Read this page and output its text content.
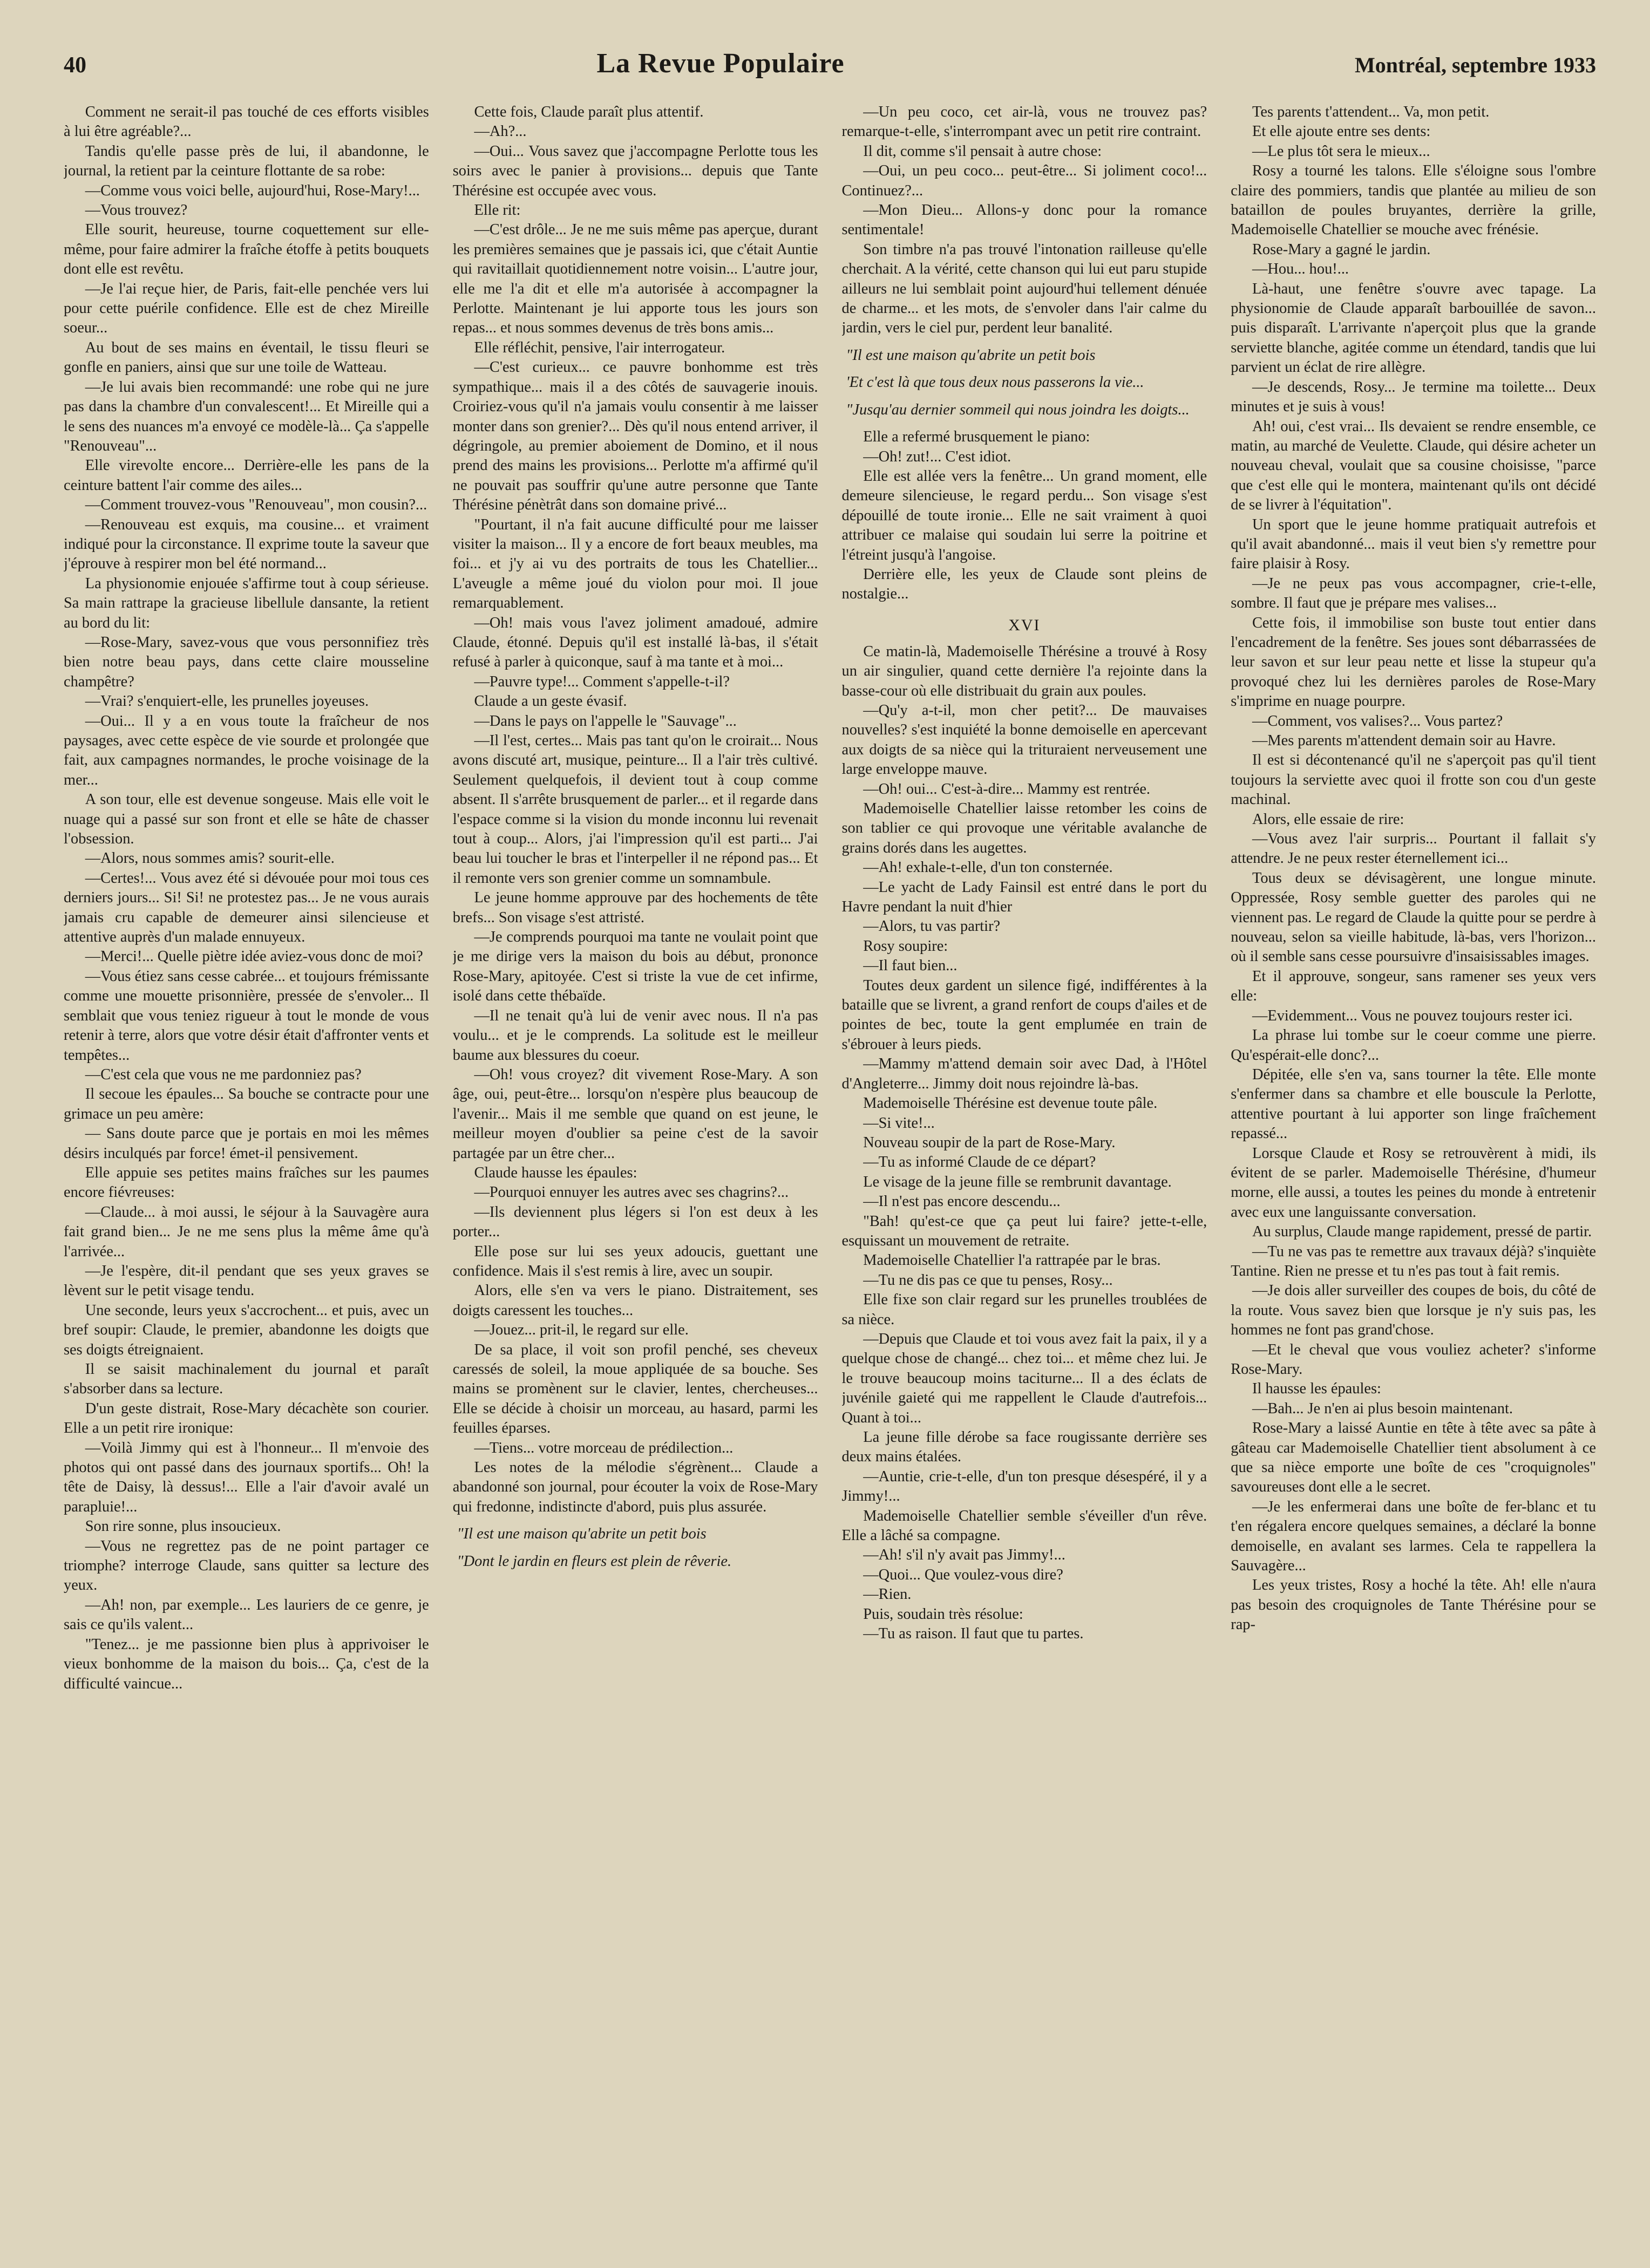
40	La Revue Populaire	Montréal, septembre 1933

Comment ne serait-il pas touché de ces efforts visibles à lui être agréable?...

Tandis qu'elle passe près de lui, il abandonne, le journal, la retient par la ceinture flottante de sa robe:

—Comme vous voici belle, aujourd'hui, Rose-Mary!...

—Vous trouvez?

Elle sourit, heureuse, tourne coquettement sur elle-même, pour faire admirer la fraîche étoffe à petits bouquets dont elle est revêtu.

—Je l'ai reçue hier, de Paris, fait-elle penchée vers lui pour cette puérile confidence. Elle est de chez Mireille soeur...

Au bout de ses mains en éventail, le tissu fleuri se gonfle en paniers, ainsi que sur une toile de Watteau.

—Je lui avais bien recommandé: une robe qui ne jure pas dans la chambre d'un convalescent!... Et Mireille qui a le sens des nuances m'a envoyé ce modèle-là... Ça s'appelle "Renouveau"...

Elle virevolte encore... Derrière-elle les pans de la ceinture battent l'air comme des ailes...

—Comment trouvez-vous "Renouveau", mon cousin?...

—Renouveau est exquis, ma cousine... et vraiment indiqué pour la circonstance. Il exprime toute la saveur que j'éprouve à respirer mon bel été normand...

La physionomie enjouée s'affirme tout à coup sérieuse. Sa main rattrape la gracieuse libellule dansante, la retient au bord du lit:

—Rose-Mary, savez-vous que vous personnifiez très bien notre beau pays, dans cette claire mousseline champêtre?

—Vrai? s'enquiert-elle, les prunelles joyeuses.

—Oui... Il y a en vous toute la fraîcheur de nos paysages, avec cette espèce de vie sourde et prolongée que fait, aux campagnes normandes, le proche voisinage de la mer...

A son tour, elle est devenue songeuse. Mais elle voit le nuage qui a passé sur son front et elle se hâte de chasser l'obsession.

—Alors, nous sommes amis? sourit-elle.

—Certes!... Vous avez été si dévouée pour moi tous ces derniers jours... Si! Si! ne protestez pas... Je ne vous aurais jamais cru capable de demeurer ainsi silencieuse et attentive auprès d'un malade ennuyeux.

—Merci!... Quelle piètre idée aviez-vous donc de moi?

—Vous étiez sans cesse cabrée... et toujours frémissante comme une mouette prisonnière, pressée de s'envoler... Il semblait que vous teniez rigueur à tout le monde de vous retenir à terre, alors que votre désir était d'affronter vents et tempêtes...

—C'est cela que vous ne me pardonniez pas?

Il secoue les épaules... Sa bouche se contracte pour une grimace un peu amère:

— Sans doute parce que je portais en moi les mêmes désirs inculqués par force! émet-il pensivement.

Elle appuie ses petites mains fraîches sur les paumes encore fiévreuses:

—Claude... à moi aussi, le séjour à la Sauvagère aura fait grand bien... Je ne me sens plus la même âme qu'à l'arrivée...

—Je l'espère, dit-il pendant que ses yeux graves se lèvent sur le petit visage tendu.

Une seconde, leurs yeux s'accrochent... et puis, avec un bref soupir: Claude, le premier, abandonne les doigts que ses doigts étreignaient.

Il se saisit machinalement du journal et paraît s'absorber dans sa lecture.

D'un geste distrait, Rose-Mary décachète son courier. Elle a un petit rire ironique:

—Voilà Jimmy qui est à l'honneur... Il m'envoie des photos qui ont passé dans des journaux sportifs... Oh! la tête de Daisy, là dessus!... Elle a l'air d'avoir avalé un parapluie!...

Son rire sonne, plus insoucieux.

—Vous ne regrettez pas de ne point partager ce triomphe? interroge Claude, sans quitter sa lecture des yeux.

—Ah! non, par exemple... Les lauriers de ce genre, je sais ce qu'ils valent...

"Tenez... je me passionne bien plus à apprivoiser le vieux bonhomme de la maison du bois... Ça, c'est de la difficulté vaincue...

Cette fois, Claude paraît plus attentif.

—Ah?...

—Oui... Vous savez que j'accompagne Perlotte tous les soirs avec le panier à provisions... depuis que Tante Thérésine est occupée avec vous.

Elle rit:

—C'est drôle... Je ne me suis même pas aperçue, durant les premières semaines que je passais ici, que c'était Auntie qui ravitaillait quotidiennement notre voisin... L'autre jour, elle me l'a dit et elle m'a autorisée à accompagner la Perlotte. Maintenant je lui apporte tous les jours son repas... et nous sommes devenus de très bons amis...

Elle réfléchit, pensive, l'air interrogateur.

—C'est curieux... ce pauvre bonhomme est très sympathique... mais il a des côtés de sauvagerie inouis. Croiriez-vous qu'il n'a jamais voulu consentir à me laisser monter dans son grenier?... Dès qu'il nous entend arriver, il dégringole, au premier aboiement de Domino, et il nous prend des mains les provisions... Perlotte m'a affirmé qu'il ne pouvait pas souffrir qu'une autre personne que Tante Thérésine pénètrât dans son domaine privé...

"Pourtant, il n'a fait aucune difficulté pour me laisser visiter la maison... Il y a encore de fort beaux meubles, ma foi... et j'y ai vu des portraits de tous les Chatellier... L'aveugle a même joué du violon pour moi. Il joue remarquablement.

—Oh! mais vous l'avez joliment amadoué, admire Claude, étonné. Depuis qu'il est installé là-bas, il s'était refusé à parler à quiconque, sauf à ma tante et à moi...

—Pauvre type!... Comment s'appelle-t-il?

Claude a un geste évasif.

—Dans le pays on l'appelle le "Sauvage"...

—Il l'est, certes... Mais pas tant qu'on le croirait... Nous avons discuté art, musique, peinture... Il a l'air très cultivé. Seulement quelquefois, il devient tout à coup comme absent. Il s'arrête brusquement de parler... et il regarde dans l'espace comme si la vision du monde inconnu lui revenait tout à coup... Alors, j'ai l'impression qu'il est parti... J'ai beau lui toucher le bras et l'interpeller il ne répond pas... Et il remonte vers son grenier comme un somnambule.

Le jeune homme approuve par des hochements de tête brefs... Son visage s'est attristé.

—Je comprends pourquoi ma tante ne voulait point que je me dirige vers la maison du bois au début, prononce Rose-Mary, apitoyée. C'est si triste la vue de cet infirme, isolé dans cette thébaïde.

—Il ne tenait qu'à lui de venir avec nous. Il n'a pas voulu... et je le comprends. La solitude est le meilleur baume aux blessures du coeur.

—Oh! vous croyez? dit vivement Rose-Mary. A son âge, oui, peut-être... lorsqu'on n'espère plus beaucoup de l'avenir... Mais il me semble que quand on est jeune, le meilleur moyen d'oublier sa peine c'est de la savoir partagée par un être cher...

Claude hausse les épaules:

—Pourquoi ennuyer les autres avec ses chagrins?...

—Ils deviennent plus légers si l'on est deux à les porter...

Elle pose sur lui ses yeux adoucis, guettant une confidence. Mais il s'est remis à lire, avec un soupir.

Alors, elle s'en va vers le piano. Distraitement, ses doigts caressent les touches...

—Jouez... prit-il, le regard sur elle.

De sa place, il voit son profil penché, ses cheveux caressés de soleil, la moue appliquée de sa bouche. Ses mains se promènent sur le clavier, lentes, chercheuses... Elle se décide à choisir un morceau, au hasard, parmi les feuilles éparses.

—Tiens... votre morceau de prédilection...

Les notes de la mélodie s'égrènent... Claude a abandonné son journal, pour écouter la voix de Rose-Mary qui fredonne, indistincte d'abord, puis plus assurée.

"Il est une maison qu'abrite un petit bois

"Dont le jardin en fleurs est plein de rêverie.

—Un peu coco, cet air-là, vous ne trouvez pas? remarque-t-elle, s'interrompant avec un petit rire contraint.

Il dit, comme s'il pensait à autre chose:

—Oui, un peu coco... peut-être... Si joliment coco!... Continuez?...

—Mon Dieu... Allons-y donc pour la romance sentimentale!

Son timbre n'a pas trouvé l'intonation railleuse qu'elle cherchait. A la vérité, cette chanson qui lui eut paru stupide ailleurs ne lui semblait point aujourd'hui tellement dénuée de charme... et les mots, de s'envoler dans l'air calme du jardin, vers le ciel pur, perdent leur banalité.

"Il est une maison qu'abrite un petit bois

'Et c'est là que tous deux nous passerons la vie...

"Jusqu'au dernier sommeil qui nous joindra les doigts...

Elle a refermé brusquement le piano:

—Oh! zut!... C'est idiot.

Elle est allée vers la fenêtre... Un grand moment, elle demeure silencieuse, le regard perdu... Son visage s'est dépouillé de toute ironie... Elle ne sait vraiment à quoi attribuer ce malaise qui soudain lui serre la poitrine et l'étreint jusqu'à l'angoise.

Derrière elle, les yeux de Claude sont pleins de nostalgie...

XVI

Ce matin-là, Mademoiselle Thérésine a trouvé à Rosy un air singulier, quand cette dernière l'a rejointe dans la basse-cour où elle distribuait du grain aux poules.

—Qu'y a-t-il, mon cher petit?... De mauvaises nouvelles? s'est inquiété la bonne demoiselle en apercevant aux doigts de sa nièce qui la trituraient nerveusement une large enveloppe mauve.

—Oh! oui... C'est-à-dire... Mammy est rentrée.

Mademoiselle Chatellier laisse retomber les coins de son tablier ce qui provoque une véritable avalanche de grains dorés dans les augettes.

—Ah! exhale-t-elle, d'un ton consternée.

—Le yacht de Lady Fainsil est entré dans le port du Havre pendant la nuit d'hier

—Alors, tu vas partir?

Rosy soupire:

—Il faut bien...

Toutes deux gardent un silence figé, indifférentes à la bataille que se livrent, a grand renfort de coups d'ailes et de pointes de bec, toute la gent emplumée en train de s'ébrouer à leurs pieds.

—Mammy m'attend demain soir avec Dad, à l'Hôtel d'Angleterre... Jimmy doit nous rejoindre là-bas.

Mademoiselle Thérésine est devenue toute pâle.

—Si vite!...

Nouveau soupir de la part de Rose-Mary.

—Tu as informé Claude de ce départ?

Le visage de la jeune fille se rembrunit davantage.

—Il n'est pas encore descendu...

"Bah! qu'est-ce que ça peut lui faire? jette-t-elle, esquissant un mouvement de retraite.

Mademoiselle Chatellier l'a rattrapée par le bras.

—Tu ne dis pas ce que tu penses, Rosy...

Elle fixe son clair regard sur les prunelles troublées de sa nièce.

—Depuis que Claude et toi vous avez fait la paix, il y a quelque chose de changé... chez toi... et même chez lui. Je le trouve beaucoup moins taciturne... Il a des éclats de juvénile gaieté qui me rappellent le Claude d'autrefois... Quant à toi...

La jeune fille dérobe sa face rougissante derrière ses deux mains étalées.

—Auntie, crie-t-elle, d'un ton presque désespéré, il y a Jimmy!...

Mademoiselle Chatellier semble s'éveiller d'un rêve. Elle a lâché sa compagne.

—Ah! s'il n'y avait pas Jimmy!...

—Quoi... Que voulez-vous dire?

—Rien.

Puis, soudain très résolue:

—Tu as raison. Il faut que tu partes.

Tes parents t'attendent... Va, mon petit.

Et elle ajoute entre ses dents:

—Le plus tôt sera le mieux...

Rosy a tourné les talons. Elle s'éloigne sous l'ombre claire des pommiers, tandis que plantée au milieu de son bataillon de poules bruyantes, derrière la grille, Mademoiselle Chatellier se mouche avec frénésie.

Rose-Mary a gagné le jardin.

—Hou... hou!...

Là-haut, une fenêtre s'ouvre avec tapage. La physionomie de Claude apparaît barbouillée de savon... puis disparaît. L'arrivante n'aperçoit plus que la grande serviette blanche, agitée comme un étendard, tandis que lui parvient un éclat de rire allègre.

—Je descends, Rosy... Je termine ma toilette... Deux minutes et je suis à vous!

Ah! oui, c'est vrai... Ils devaient se rendre ensemble, ce matin, au marché de Veulette. Claude, qui désire acheter un nouveau cheval, voulait que sa cousine choisisse, "parce que c'est elle qui le montera, maintenant qu'ils ont décidé de se livrer à l'équitation".

Un sport que le jeune homme pratiquait autrefois et qu'il avait abandonné... mais il veut bien s'y remettre pour faire plaisir à Rosy.

—Je ne peux pas vous accompagner, crie-t-elle, sombre. Il faut que je prépare mes valises...

Cette fois, il immobilise son buste tout entier dans l'encadrement de la fenêtre. Ses joues sont débarrassées de leur savon et sur leur peau nette et lisse la stupeur qu'a provoqué chez lui les dernières paroles de Rose-Mary s'imprime en nuage pourpre.

—Comment, vos valises?... Vous partez?

—Mes parents m'attendent demain soir au Havre.

Il est si décontenancé qu'il ne s'aperçoit pas qu'il tient toujours la serviette avec quoi il frotte son cou d'un geste machinal.

Alors, elle essaie de rire:

—Vous avez l'air surpris... Pourtant il fallait s'y attendre. Je ne peux rester éternellement ici...

Tous deux se dévisagèrent, une longue minute. Oppressée, Rosy semble guetter des paroles qui ne viennent pas. Le regard de Claude la quitte pour se perdre à nouveau, selon sa vieille habitude, là-bas, vers l'horizon... où il semble sans cesse poursuivre d'insaisissables images.

Et il approuve, songeur, sans ramener ses yeux vers elle:

—Evidemment... Vous ne pouvez toujours rester ici.

La phrase lui tombe sur le coeur comme une pierre. Qu'espérait-elle donc?...

Dépitée, elle s'en va, sans tourner la tête. Elle monte s'enfermer dans sa chambre et elle bouscule la Perlotte, attentive pourtant à lui apporter son linge fraîchement repassé...

Lorsque Claude et Rosy se retrouvèrent à midi, ils évitent de se parler. Mademoiselle Thérésine, d'humeur morne, elle aussi, a toutes les peines du monde à entretenir avec eux une languissante conversation.

Au surplus, Claude mange rapidement, pressé de partir.

—Tu ne vas pas te remettre aux travaux déjà? s'inquiète Tantine. Rien ne presse et tu n'es pas tout à fait remis.

—Je dois aller surveiller des coupes de bois, du côté de la route. Vous savez bien que lorsque je n'y suis pas, les hommes ne font pas grand'chose.

—Et le cheval que vous vouliez acheter? s'informe Rose-Mary.

Il hausse les épaules:

—Bah... Je n'en ai plus besoin maintenant.

Rose-Mary a laissé Auntie en tête à tête avec sa pâte à gâteau car Mademoiselle Chatellier tient absolument à ce que sa nièce emporte une boîte de ces "croquignoles" savoureuses dont elle a le secret.

—Je les enfermerai dans une boîte de fer-blanc et tu t'en régalera encore quelques semaines, a déclaré la bonne demoiselle, en avalant ses larmes. Cela te rappellera la Sauvagère...

Les yeux tristes, Rosy a hoché la tête. Ah! elle n'aura pas besoin des croquignoles de Tante Thérésine pour se rap-
